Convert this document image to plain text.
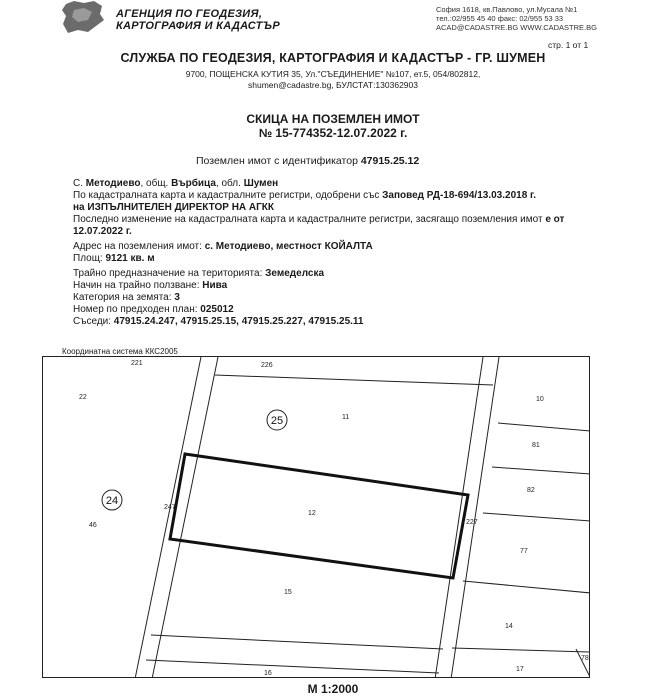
АГЕНЦИЯ ПО ГЕОДЕЗИЯ,
КАРТОГРАФИЯ И КАДАСТЪР
София 1618, кв.Павлово, ул.Мусала №1
тел.:02/955 45 40 факс: 02/955 53 33
ACAD@CADASTRE.BG WWW.CADASTRE.BG
стр. 1 от 1
СЛУЖБА ПО ГЕОДЕЗИЯ, КАРТОГРАФИЯ И КАДАСТЪР - ГР. ШУМЕН
9700, ПОЩЕНСКА КУТИЯ 35, Ул."СЪЕДИНЕНИЕ" №107, ет.5, 054/802812,
shumen@cadastre.bg, БУЛСТАТ:130362903
СКИЦА НА ПОЗЕМЛЕН ИМОТ
№ 15-774352-12.07.2022 г.
Поземлен имот с идентификатор 47915.25.12
С. Методиево, общ. Върбица, обл. Шумен
По кадастралната карта и кадастралните регистри, одобрени със Заповед РД-18-694/13.03.2018 г.
на ИЗПЪЛНИТЕЛЕН ДИРЕКТОР НА АГКК
Последно изменение на кадастралната карта и кадастралните регистри, засягащо поземления имот е от
12.07.2022 г.
Адрес на поземления имот: с. Методиево, местност КОЙАЛТА
Площ: 9121 кв. м
Трайно предназначение на територията: Земеделска
Начин на трайно ползване: Нива
Категория на земята: 3
Номер по предходен план: 025012
Съседи: 47915.24.247, 47915.25.15, 47915.25.227, 47915.25.11
Координатна система ККС2005
24
25
221	226
22
46
247
11
12
15
16
227
10
81
82
77
14
17
78
М 1:2000
